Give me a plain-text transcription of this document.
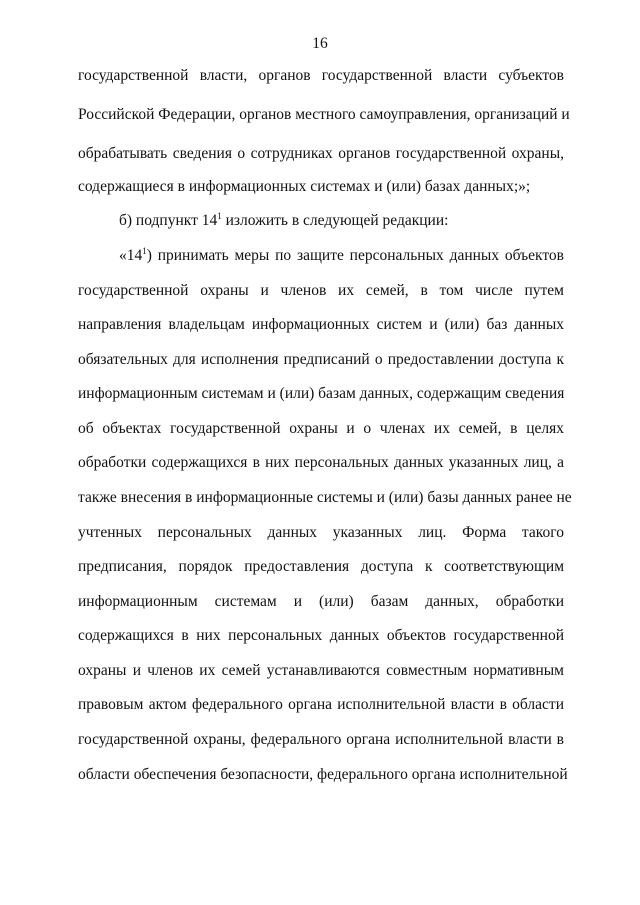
16
государственной власти, органов государственной власти субъектов
Российской Федерации, органов местного самоуправления, организаций и
обрабатывать сведения о сотрудниках органов государственной охраны,
содержащиеся в информационных системах и (или) базах данных;»;
б) подпункт $14^1$ изложить в следующей редакции:
«$14^1$) принимать меры по защите персональных данных объектов
государственной охраны и членов их семей, в том числе путем
направления владельцам информационных систем и (или) баз данных
обязательных для исполнения предписаний о предоставлении доступа к
информационным системам и (или) базам данных, содержащим сведения
об объектах государственной охраны и о членах их семей, в целях
обработки содержащихся в них персональных данных указанных лиц, а
также внесения в информационные системы и (или) базы данных ранее не
учтенных персональных данных указанных лиц. Форма такого
предписания, порядок предоставления доступа к соответствующим
информационным системам и (или) базам данных, обработки
содержащихся в них персональных данных объектов государственной
охраны и членов их семей устанавливаются совместным нормативным
правовым актом федерального органа исполнительной власти в области
государственной охраны, федерального органа исполнительной власти в
области обеспечения безопасности, федерального органа исполнительной
